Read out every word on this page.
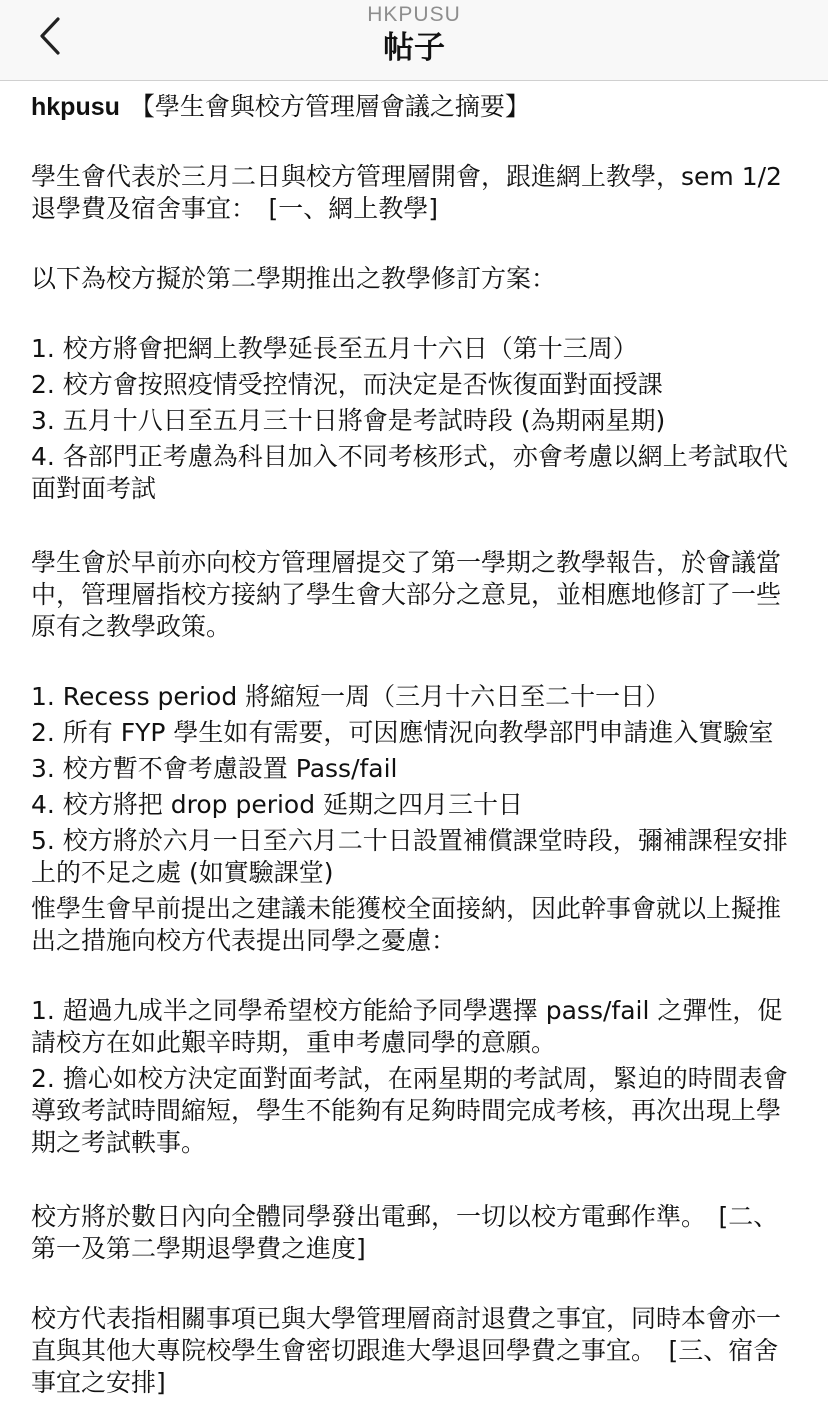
HKPUSU
帖子

hkpusu 【學生會與校方管理層會議之摘要】

學生會代表於三月二日與校方管理層開會，跟進網上教學，sem 1/2 退學費及宿舍事宜：　[一、網上教學]

以下為校方擬於第二學期推出之教學修訂方案：

1. 校方將會把網上教學延長至五月十六日（第十三周）

2. 校方會按照疫情受控情況，而決定是否恢復面對面授課

3. 五月十八日至五月三十日將會是考試時段 (為期兩星期)

4. 各部門正考慮為科目加入不同考核形式，亦會考慮以網上考試取代面對面考試

學生會於早前亦向校方管理層提交了第一學期之教學報告，於會議當中，管理層指校方接納了學生會大部分之意見，並相應地修訂了一些原有之教學政策。

1. Recess period 將縮短一周（三月十六日至二十一日）

2. 所有 FYP 學生如有需要，可因應情況向教學部門申請進入實驗室

3. 校方暫不會考慮設置 Pass/fail

4. 校方將把 drop period 延期之四月三十日

5. 校方將於六月一日至六月二十日設置補償課堂時段，彌補課程安排上的不足之處 (如實驗課堂)

惟學生會早前提出之建議未能獲校全面接納，因此幹事會就以上擬推出之措施向校方代表提出同學之憂慮：

1. 超過九成半之同學希望校方能給予同學選擇 pass/fail 之彈性，促請校方在如此艱辛時期，重申考慮同學的意願。

2. 擔心如校方決定面對面考試，在兩星期的考試周，緊迫的時間表會導致考試時間縮短，學生不能夠有足夠時間完成考核，再次出現上學期之考試軼事。

校方將於數日內向全體同學發出電郵，一切以校方電郵作準。　[二、第一及第二學期退學費之進度]

校方代表指相關事項已與大學管理層商討退費之事宜，同時本會亦一直與其他大專院校學生會密切跟進大學退回學費之事宜。　[三、宿舍事宜之安排]
